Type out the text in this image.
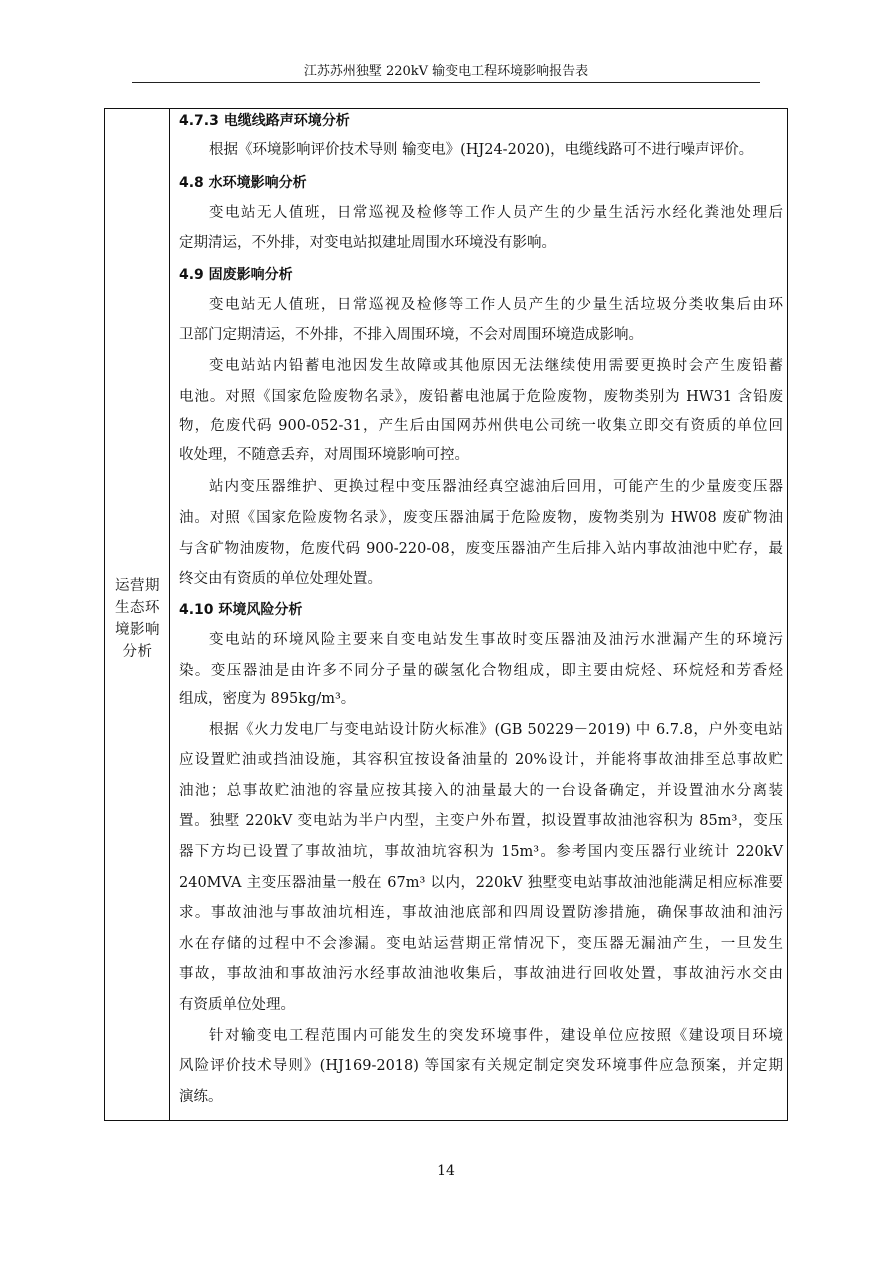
江苏苏州独墅 220kV 输变电工程环境影响报告表
运营期
生态环
境影响
分析
4.7.3 电缆线路声环境分析
根据《环境影响评价技术导则 输变电》(HJ24-2020)，电缆线路可不进行噪声评价。
4.8 水环境影响分析
变电站无人值班，日常巡视及检修等工作人员产生的少量生活污水经化粪池处理后
定期清运，不外排，对变电站拟建址周围水环境没有影响。
4.9 固废影响分析
变电站无人值班，日常巡视及检修等工作人员产生的少量生活垃圾分类收集后由环
卫部门定期清运，不外排，不排入周围环境，不会对周围环境造成影响。
变电站站内铅蓄电池因发生故障或其他原因无法继续使用需要更换时会产生废铅蓄
电池。对照《国家危险废物名录》，废铅蓄电池属于危险废物，废物类别为 HW31 含铅废
物，危废代码 900-052-31，产生后由国网苏州供电公司统一收集立即交有资质的单位回
收处理，不随意丢弃，对周围环境影响可控。
站内变压器维护、更换过程中变压器油经真空滤油后回用，可能产生的少量废变压器
油。对照《国家危险废物名录》，废变压器油属于危险废物，废物类别为 HW08 废矿物油
与含矿物油废物，危废代码 900-220-08，废变压器油产生后排入站内事故油池中贮存，最
终交由有资质的单位处理处置。
4.10 环境风险分析
变电站的环境风险主要来自变电站发生事故时变压器油及油污水泄漏产生的环境污
染。变压器油是由许多不同分子量的碳氢化合物组成，即主要由烷烃、环烷烃和芳香烃
组成，密度为 895kg/m³。
根据《火力发电厂与变电站设计防火标准》(GB 50229－2019) 中 6.7.8，户外变电站
应设置贮油或挡油设施，其容积宜按设备油量的 20%设计，并能将事故油排至总事故贮
油池；总事故贮油池的容量应按其接入的油量最大的一台设备确定，并设置油水分离装
置。独墅 220kV 变电站为半户内型，主变户外布置，拟设置事故油池容积为 85m³，变压
器下方均已设置了事故油坑，事故油坑容积为 15m³。参考国内变压器行业统计 220kV
240MVA 主变压器油量一般在 67m³ 以内，220kV 独墅变电站事故油池能满足相应标准要
求。事故油池与事故油坑相连，事故油池底部和四周设置防渗措施，确保事故油和油污
水在存储的过程中不会渗漏。变电站运营期正常情况下，变压器无漏油产生，一旦发生
事故，事故油和事故油污水经事故油池收集后，事故油进行回收处置，事故油污水交由
有资质单位处理。
针对输变电工程范围内可能发生的突发环境事件，建设单位应按照《建设项目环境
风险评价技术导则》(HJ169-2018) 等国家有关规定制定突发环境事件应急预案，并定期
演练。
14
